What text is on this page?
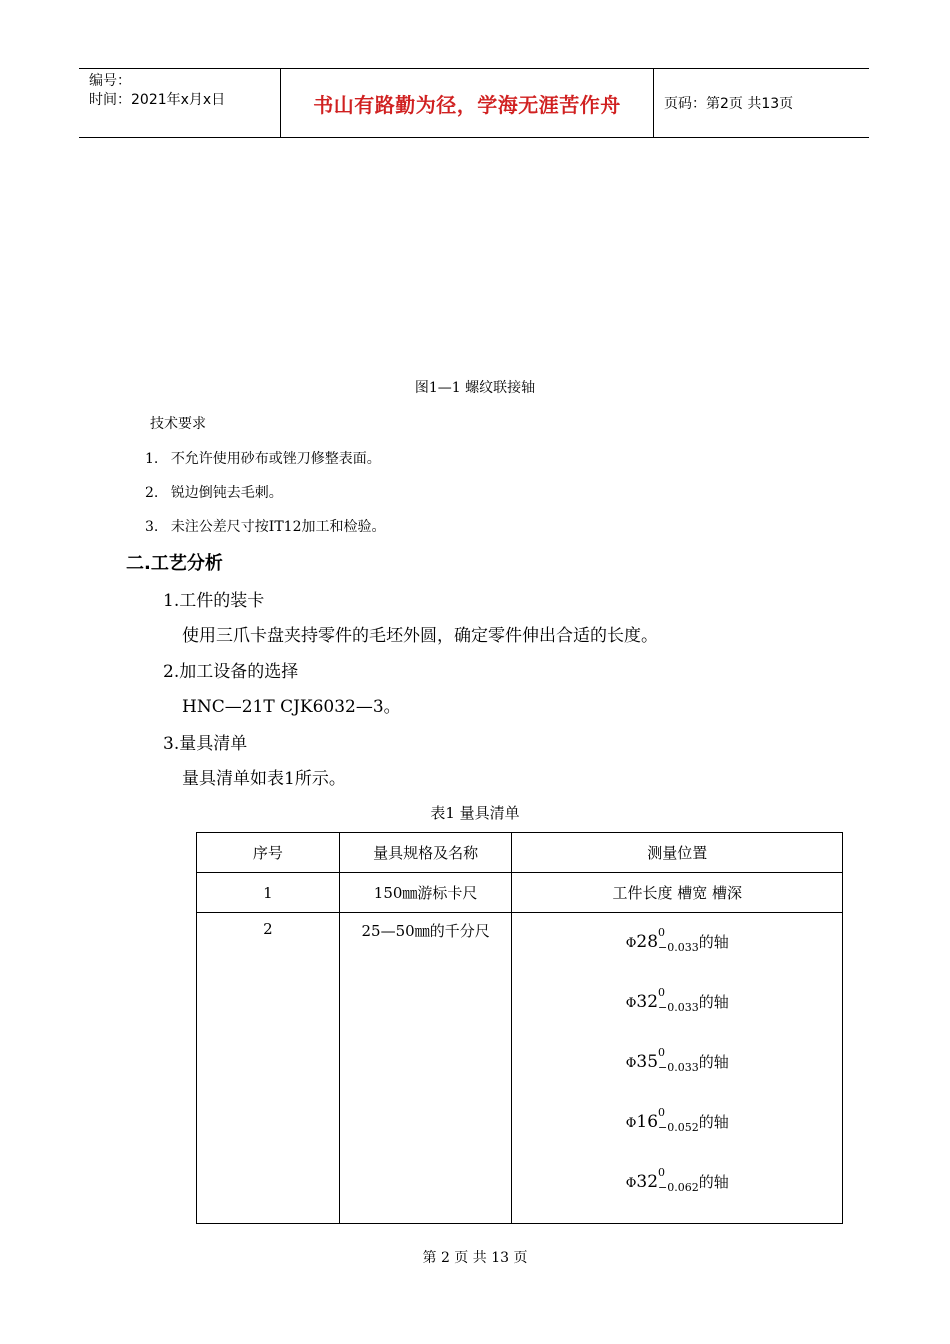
编号：
时间：2021年x月x日	书山有路勤为径，学海无涯苦作舟	页码：第2页 共13页
图1—1 螺纹联接轴
技术要求
1. 不允许使用砂布或锉刀修整表面。
2. 锐边倒钝去毛刺。
3. 未注公差尺寸按IT12加工和检验。
二.工艺分析
1.工件的装卡
使用三爪卡盘夹持零件的毛坯外圆，确定零件伸出合适的长度。
2.加工设备的选择
HNC—21T CJK6032—3。
3.量具清单
量具清单如表1所示。
表1 量具清单
序号	量具规格及名称	测量位置
1	150㎜游标卡尺	工件长度 槽宽 槽深
2	25—50㎜的千分尺	$\Phi 28^0_{-0.033}$的轴
$\Phi 32^0_{-0.033}$的轴
$\Phi 35^0_{-0.033}$的轴
$\Phi 16^0_{-0.052}$的轴
$\Phi 32^0_{-0.062}$的轴
第 2 页 共 13 页
